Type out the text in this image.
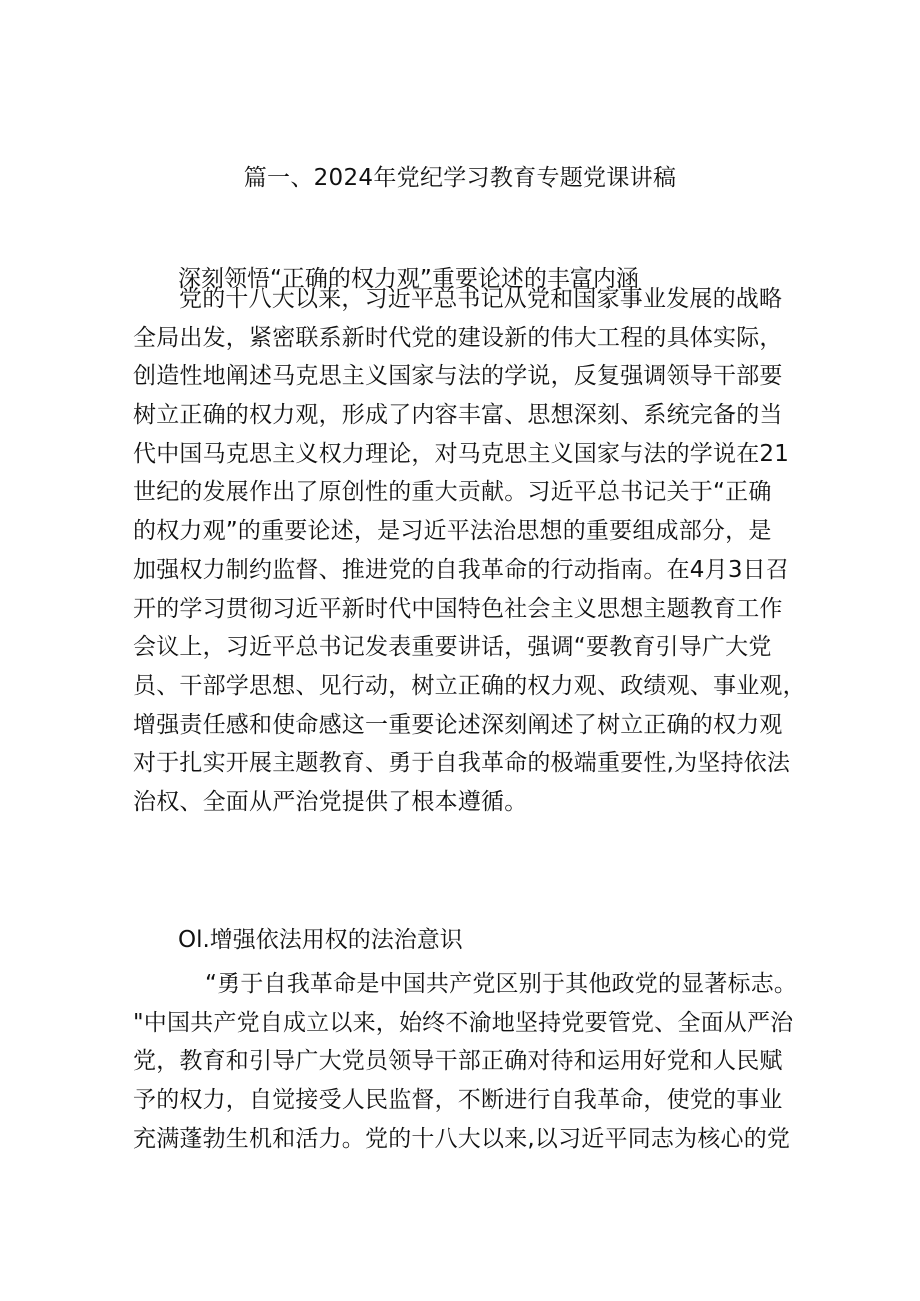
篇一、2024年党纪学习教育专题党课讲稿
深刻领悟“正确的权力观”重要论述的丰富内涵
党的十八大以来，习近平总书记从党和国家事业发展的战略
全局出发，紧密联系新时代党的建设新的伟大工程的具体实际，
创造性地阐述马克思主义国家与法的学说，反复强调领导干部要
树立正确的权力观，形成了内容丰富、思想深刻、系统完备的当
代中国马克思主义权力理论，对马克思主义国家与法的学说在21
世纪的发展作出了原创性的重大贡献。习近平总书记关于“正确
的权力观”的重要论述，是习近平法治思想的重要组成部分，是
加强权力制约监督、推进党的自我革命的行动指南。在4月3日召
开的学习贯彻习近平新时代中国特色社会主义思想主题教育工作
会议上，习近平总书记发表重要讲话，强调“要教育引导广大党
员、干部学思想、见行动，树立正确的权力观、政绩观、事业观，
增强责任感和使命感这一重要论述深刻阐述了树立正确的权力观
对于扎实开展主题教育、勇于自我革命的极端重要性,为坚持依法
治权、全面从严治党提供了根本遵循。
Ol.增强依法用权的法治意识
“勇于自我革命是中国共产党区别于其他政党的显著标志。
"中国共产党自成立以来，始终不渝地坚持党要管党、全面从严治
党，教育和引导广大党员领导干部正确对待和运用好党和人民赋
予的权力，自觉接受人民监督，不断进行自我革命，使党的事业
充满蓬勃生机和活力。党的十八大以来,以习近平同志为核心的党
